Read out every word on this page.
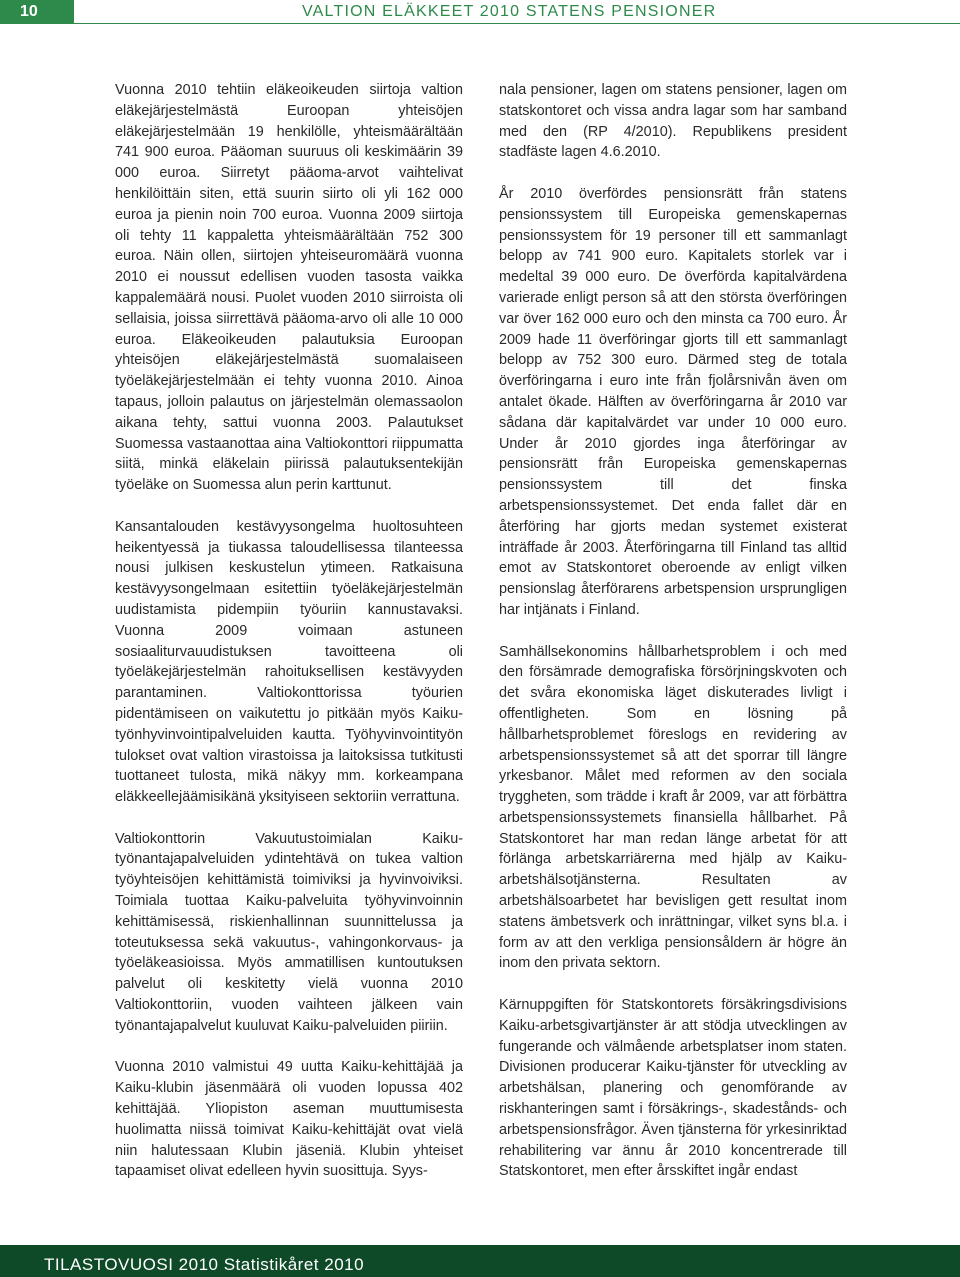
10	VALTION ELÄKKEET 2010 STATENS PENSIONER

Vuonna 2010 tehtiin eläkeoikeuden siirtoja valtion eläkejärjestelmästä Euroopan yhteisöjen eläkejärjestelmään 19 henkilölle, yhteismäärältään 741 900 euroa. Pääoman suuruus oli keskimäärin 39 000 euroa. Siirretyt pääoma-arvot vaihtelivat henkilöittäin siten, että suurin siirto oli yli 162 000 euroa ja pienin noin 700 euroa. Vuonna 2009 siirtoja oli tehty 11 kappaletta yhteismäärältään 752 300 euroa. Näin ollen, siirtojen yhteiseuromäärä vuonna 2010 ei noussut edellisen vuoden tasosta vaikka kappalemäärä nousi. Puolet vuoden 2010 siirroista oli sellaisia, joissa siirrettävä pääoma-arvo oli alle 10 000 euroa. Eläkeoikeuden palautuksia Euroopan yhteisöjen eläkejärjestelmästä suomalaiseen työeläkejärjestelmään ei tehty vuonna 2010. Ainoa tapaus, jolloin palautus on järjestelmän olemassaolon aikana tehty, sattui vuonna 2003. Palautukset Suomessa vastaanottaa aina Valtiokonttori riippumatta siitä, minkä eläkelain piirissä palautuksentekijän työeläke on Suomessa alun perin karttunut.

Kansantalouden kestävyysongelma huoltosuhteen heikentyessä ja tiukassa taloudellisessa tilanteessa nousi julkisen keskustelun ytimeen. Ratkaisuna kestävyysongelmaan esitettiin työeläkejärjestelmän uudistamista pidempiin työuriin kannustavaksi. Vuonna 2009 voimaan astuneen sosiaaliturvauudistuksen tavoitteena oli työeläkejärjestelmän rahoituksellisen kestävyyden parantaminen. Valtiokonttorissa työurien pidentämiseen on vaikutettu jo pitkään myös Kaiku-työnhyvinvointipalveluiden kautta. Työhyvinvointityön tulokset ovat valtion virastoissa ja laitoksissa tutkitusti tuottaneet tulosta, mikä näkyy mm. korkeampana eläkkeellejäämisikänä yksityiseen sektoriin verrattuna.

Valtiokonttorin Vakuutustoimialan Kaiku-työnantajapalveluiden ydintehtävä on tukea valtion työyhteisöjen kehittämistä toimiviksi ja hyvinvoiviksi. Toimiala tuottaa Kaiku-palveluita työhyvinvoinnin kehittämisessä, riskienhallinnan suunnittelussa ja toteutuksessa sekä vakuutus-, vahingonkorvaus- ja työeläkeasioissa. Myös ammatillisen kuntoutuksen palvelut oli keskitetty vielä vuonna 2010 Valtiokonttoriin, vuoden vaihteen jälkeen vain työnantajapalvelut kuuluvat Kaiku-palveluiden piiriin.

Vuonna 2010 valmistui 49 uutta Kaiku-kehittäjää ja Kaiku-klubin jäsenmäärä oli vuoden lopussa 402 kehittäjää. Yliopiston aseman muuttumisesta huolimatta niissä toimivat Kaiku-kehittäjät ovat vielä niin halutessaan Klubin jäseniä. Klubin yhteiset tapaamiset olivat edelleen hyvin suosittuja. Syys-

nala pensioner, lagen om statens pensioner, lagen om statskontoret och vissa andra lagar som har samband med den (RP 4/2010). Republikens president stadfäste lagen 4.6.2010.

År 2010 överfördes pensionsrätt från statens pensionssystem till Europeiska gemenskapernas pensionssystem för 19 personer till ett sammanlagt belopp av 741 900 euro. Kapitalets storlek var i medeltal 39 000 euro. De överförda kapitalvärdena varierade enligt person så att den största överföringen var över 162 000 euro och den minsta ca 700 euro. År 2009 hade 11 överföringar gjorts till ett sammanlagt belopp av 752 300 euro. Därmed steg de totala överföringarna i euro inte från fjolårsnivån även om antalet ökade. Hälften av överföringarna år 2010 var sådana där kapitalvärdet var under 10 000 euro. Under år 2010 gjordes inga återföringar av pensionsrätt från Europeiska gemenskapernas pensionssystem till det finska arbetspensionssystemet. Det enda fallet där en återföring har gjorts medan systemet existerat inträffade år 2003. Återföringarna till Finland tas alltid emot av Statskontoret oberoende av enligt vilken pensionslag återförarens arbetspension ursprungligen har intjänats i Finland.

Samhällsekonomins hållbarhetsproblem i och med den försämrade demografiska försörjningskvoten och det svåra ekonomiska läget diskuterades livligt i offentligheten. Som en lösning på hållbarhetsproblemet föreslogs en revidering av arbetspensionssystemet så att det sporrar till längre yrkesbanor. Målet med reformen av den sociala tryggheten, som trädde i kraft år 2009, var att förbättra arbetspensionssystemets finansiella hållbarhet. På Statskontoret har man redan länge arbetat för att förlänga arbetskarriärerna med hjälp av Kaiku-arbetshälsotjänsterna. Resultaten av arbetshälsoarbetet har bevisligen gett resultat inom statens ämbetsverk och inrättningar, vilket syns bl.a. i form av att den verkliga pensionsåldern är högre än inom den privata sektorn.

Kärnuppgiften för Statskontorets försäkringsdivisions Kaiku-arbetsgivartjänster är att stödja utvecklingen av fungerande och välmående arbetsplatser inom staten. Divisionen producerar Kaiku-tjänster för utveckling av arbetshälsan, planering och genomförande av riskhanteringen samt i försäkrings-, skadestånds- och arbetspensionsfrågor. Även tjänsterna för yrkesinriktad rehabilitering var ännu år 2010 koncentrerade till Statskontoret, men efter årsskiftet ingår endast

TILASTOVUOSI 2010 Statistikåret 2010
